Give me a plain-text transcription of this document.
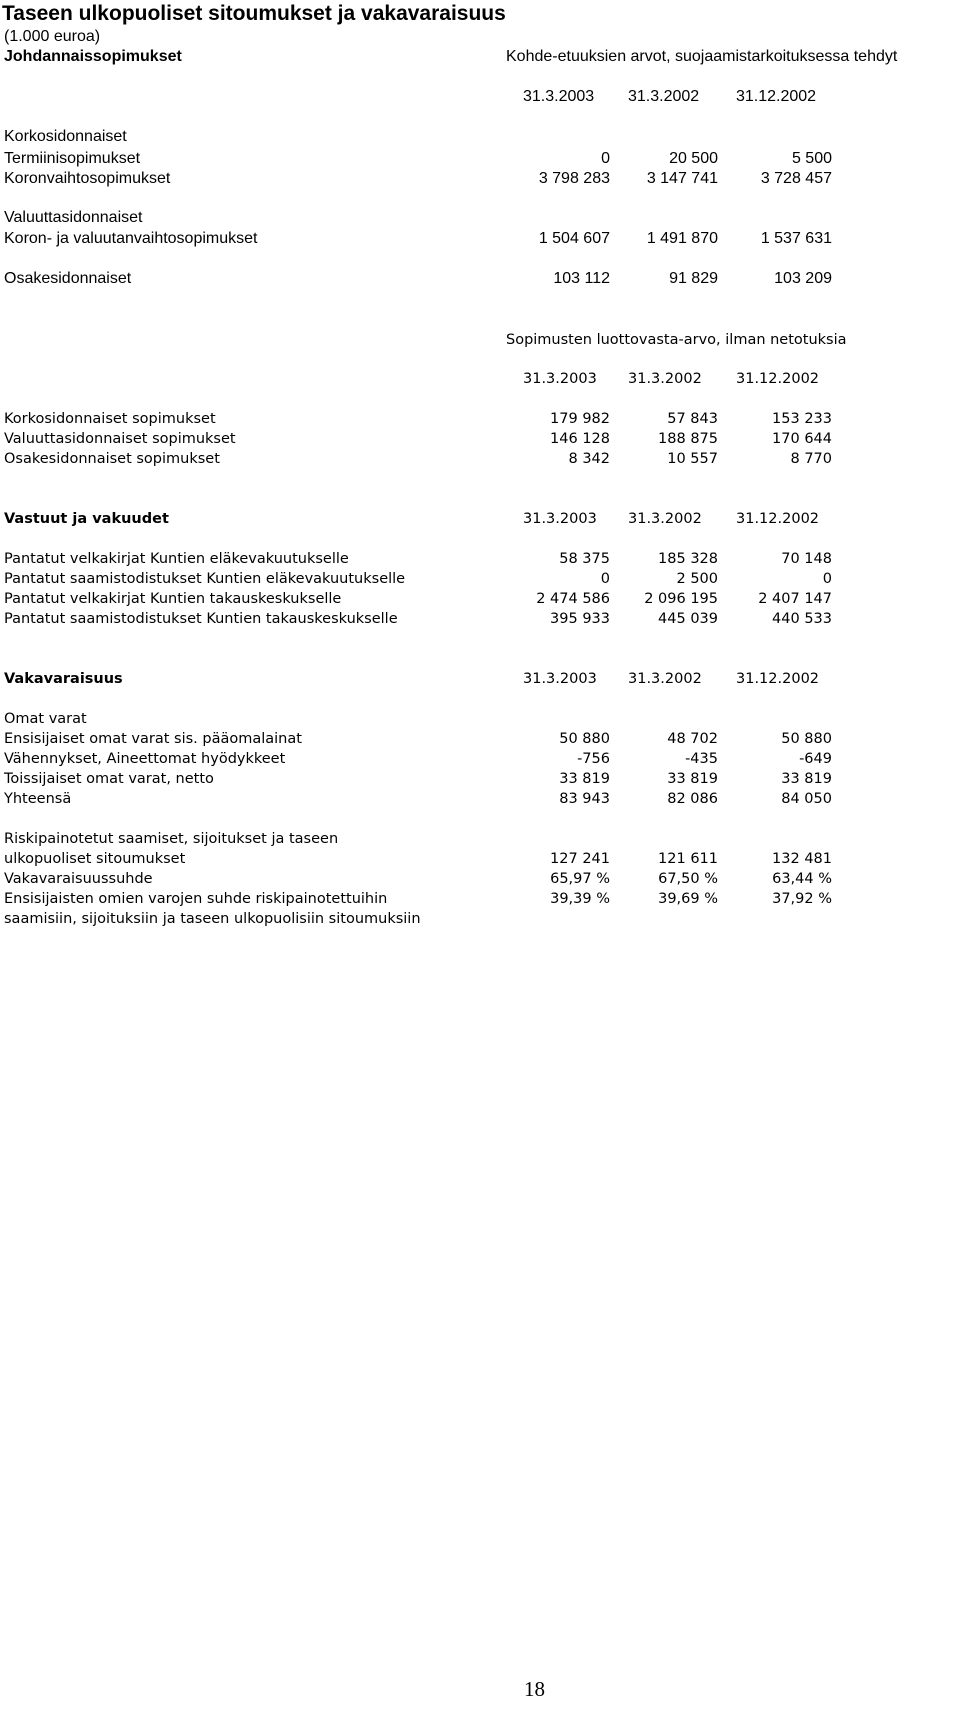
Taseen ulkopuoliset sitoumukset ja vakavaraisuus
(1.000 euroa)
Johdannaissopimukset	Kohde-etuuksien arvot, suojaamistarkoituksessa tehdyt
31.3.2003 31.3.2002 31.12.2002
Korkosidonnaiset
Termiinisopimukset	0	20 500	5 500
Koronvaihtosopimukset	3 798 283	3 147 741	3 728 457
Valuuttasidonnaiset
Koron- ja valuutanvaihtosopimukset	1 504 607	1 491 870	1 537 631
Osakesidonnaiset	103 112	91 829	103 209
Sopimusten luottovasta-arvo, ilman netotuksia
31.3.2003 31.3.2002 31.12.2002
Korkosidonnaiset sopimukset	179 982	57 843	153 233
Valuuttasidonnaiset sopimukset	146 128	188 875	170 644
Osakesidonnaiset sopimukset	8 342	10 557	8 770
Vastuut ja vakuudet	31.3.2003 31.3.2002 31.12.2002
Pantatut velkakirjat Kuntien eläkevakuutukselle	58 375	185 328	70 148
Pantatut saamistodistukset Kuntien eläkevakuutukselle	0	2 500	0
Pantatut velkakirjat Kuntien takauskeskukselle	2 474 586	2 096 195	2 407 147
Pantatut saamistodistukset Kuntien takauskeskukselle	395 933	445 039	440 533
Vakavaraisuus	31.3.2003 31.3.2002 31.12.2002
Omat varat
Ensisijaiset omat varat sis. pääomalainat	50 880	48 702	50 880
Vähennykset, Aineettomat hyödykkeet	-756	-435	-649
Toissijaiset omat varat, netto	33 819	33 819	33 819
Yhteensä	83 943	82 086	84 050
Riskipainotetut saamiset, sijoitukset ja taseen
ulkopuoliset sitoumukset	127 241	121 611	132 481
Vakavaraisuussuhde	65,97 %	67,50 %	63,44 %
Ensisijaisten omien varojen suhde riskipainotettuihin	39,39 %	39,69 %	37,92 %
saamisiin, sijoituksiin ja taseen ulkopuolisiin sitoumuksiin
18
